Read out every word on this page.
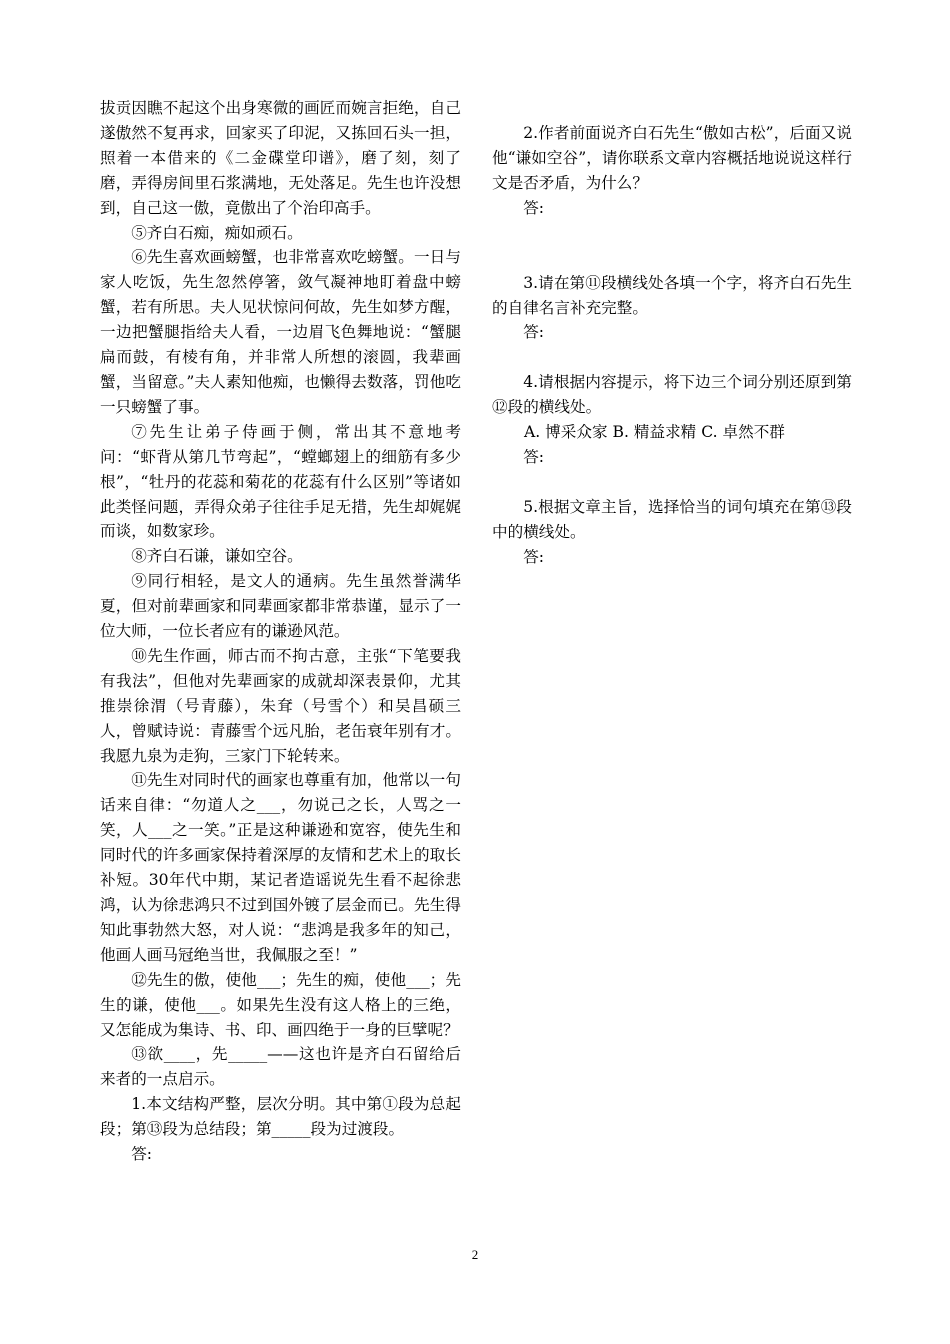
拔贡因瞧不起这个出身寒微的画匠而婉言拒绝，自己遂傲然不复再求，回家买了印泥，又拣回石头一担，照着一本借来的《二金碟堂印谱》，磨了刻，刻了磨，弄得房间里石浆满地，无处落足。先生也许没想到，自己这一傲，竟傲出了个治印高手。

⑤齐白石痴，痴如顽石。

⑥先生喜欢画螃蟹，也非常喜欢吃螃蟹。一日与家人吃饭，先生忽然停箸，敛气凝神地盯着盘中螃蟹，若有所思。夫人见状惊问何故，先生如梦方醒，一边把蟹腿指给夫人看，一边眉飞色舞地说：“蟹腿扁而鼓，有棱有角，并非常人所想的滚圆，我辈画蟹，当留意。”夫人素知他痴，也懒得去数落，罚他吃一只螃蟹了事。

⑦先生让弟子侍画于侧，常出其不意地考问：“虾背从第几节弯起”，“螳螂翅上的细筋有多少根”，“牡丹的花蕊和菊花的花蕊有什么区别”等诸如此类怪问题，弄得众弟子往往手足无措，先生却娓娓而谈，如数家珍。

⑧齐白石谦，谦如空谷。

⑨同行相轻，是文人的通病。先生虽然誉满华夏，但对前辈画家和同辈画家都非常恭谨，显示了一位大师，一位长者应有的谦逊风范。

⑩先生作画，师古而不拘古意，主张“下笔要我有我法”，但他对先辈画家的成就却深表景仰，尤其推崇徐渭（号青藤），朱耷（号雪个）和吴昌硕三人，曾赋诗说：青藤雪个远凡胎，老缶衰年别有才。我愿九泉为走狗，三家门下轮转来。

⑪先生对同时代的画家也尊重有加，他常以一句话来自律：“勿道人之___，勿说己之长，人骂之一笑，人___之一笑。”正是这种谦逊和宽容，使先生和同时代的许多画家保持着深厚的友情和艺术上的取长补短。30年代中期，某记者造谣说先生看不起徐悲鸿，认为徐悲鸿只不过到国外镀了层金而已。先生得知此事勃然大怒，对人说：“悲鸿是我多年的知己，他画人画马冠绝当世，我佩服之至！”

⑫先生的傲，使他___；先生的痴，使他___；先生的谦，使他___。如果先生没有这人格上的三绝，又怎能成为集诗、书、印、画四绝于一身的巨擘呢？

⑬欲____，先_____——这也许是齐白石留给后来者的一点启示。

1.本文结构严整，层次分明。其中第①段为总起段；第⑬段为总结段；第_____段为过渡段。

答:

2.作者前面说齐白石先生“傲如古松”，后面又说他“谦如空谷”，请你联系文章内容概括地说说这样行文是否矛盾，为什么？

答:

3.请在第⑪段横线处各填一个字，将齐白石先生的自律名言补充完整。

答:

4.请根据内容提示，将下边三个词分别还原到第⑫段的横线处。

A. 博采众家 B. 精益求精 C. 卓然不群

答:

5.根据文章主旨，选择恰当的词句填充在第⑬段中的横线处。

答:

2
